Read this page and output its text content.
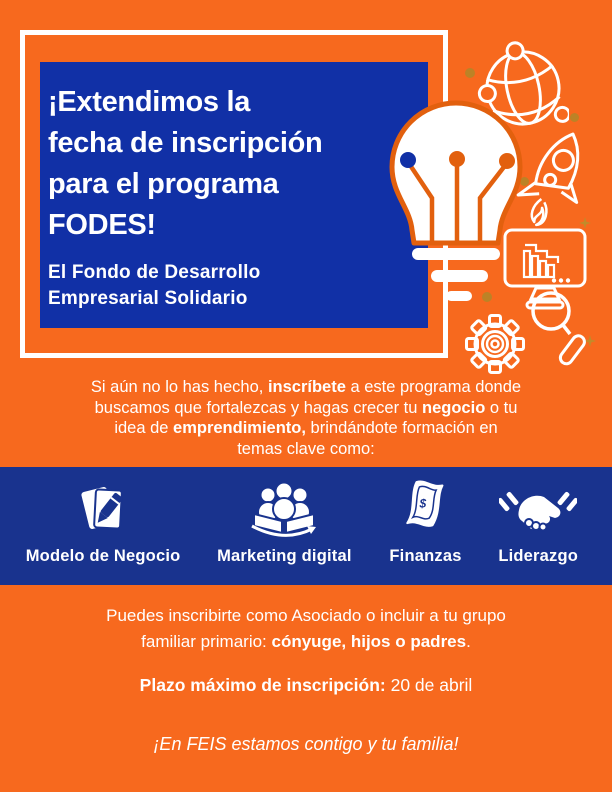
¡Extendimos la
fecha de inscripción
para el programa
FODES!
El Fondo de Desarrollo
Empresarial Solidario
Si aún no lo has hecho, inscríbete a este programa donde
buscamos que fortalezcas y hagas crecer tu negocio o tu
idea de emprendimiento, brindándote formación en
temas clave como:
Modelo de Negocio Marketing digital
$
Finanzas Liderazgo
Puedes inscribirte como Asociado o incluir a tu grupo
familiar primario: cónyuge, hijos o padres.
Plazo máximo de inscripción: 20 de abril
¡En FEIS estamos contigo y tu familia!
